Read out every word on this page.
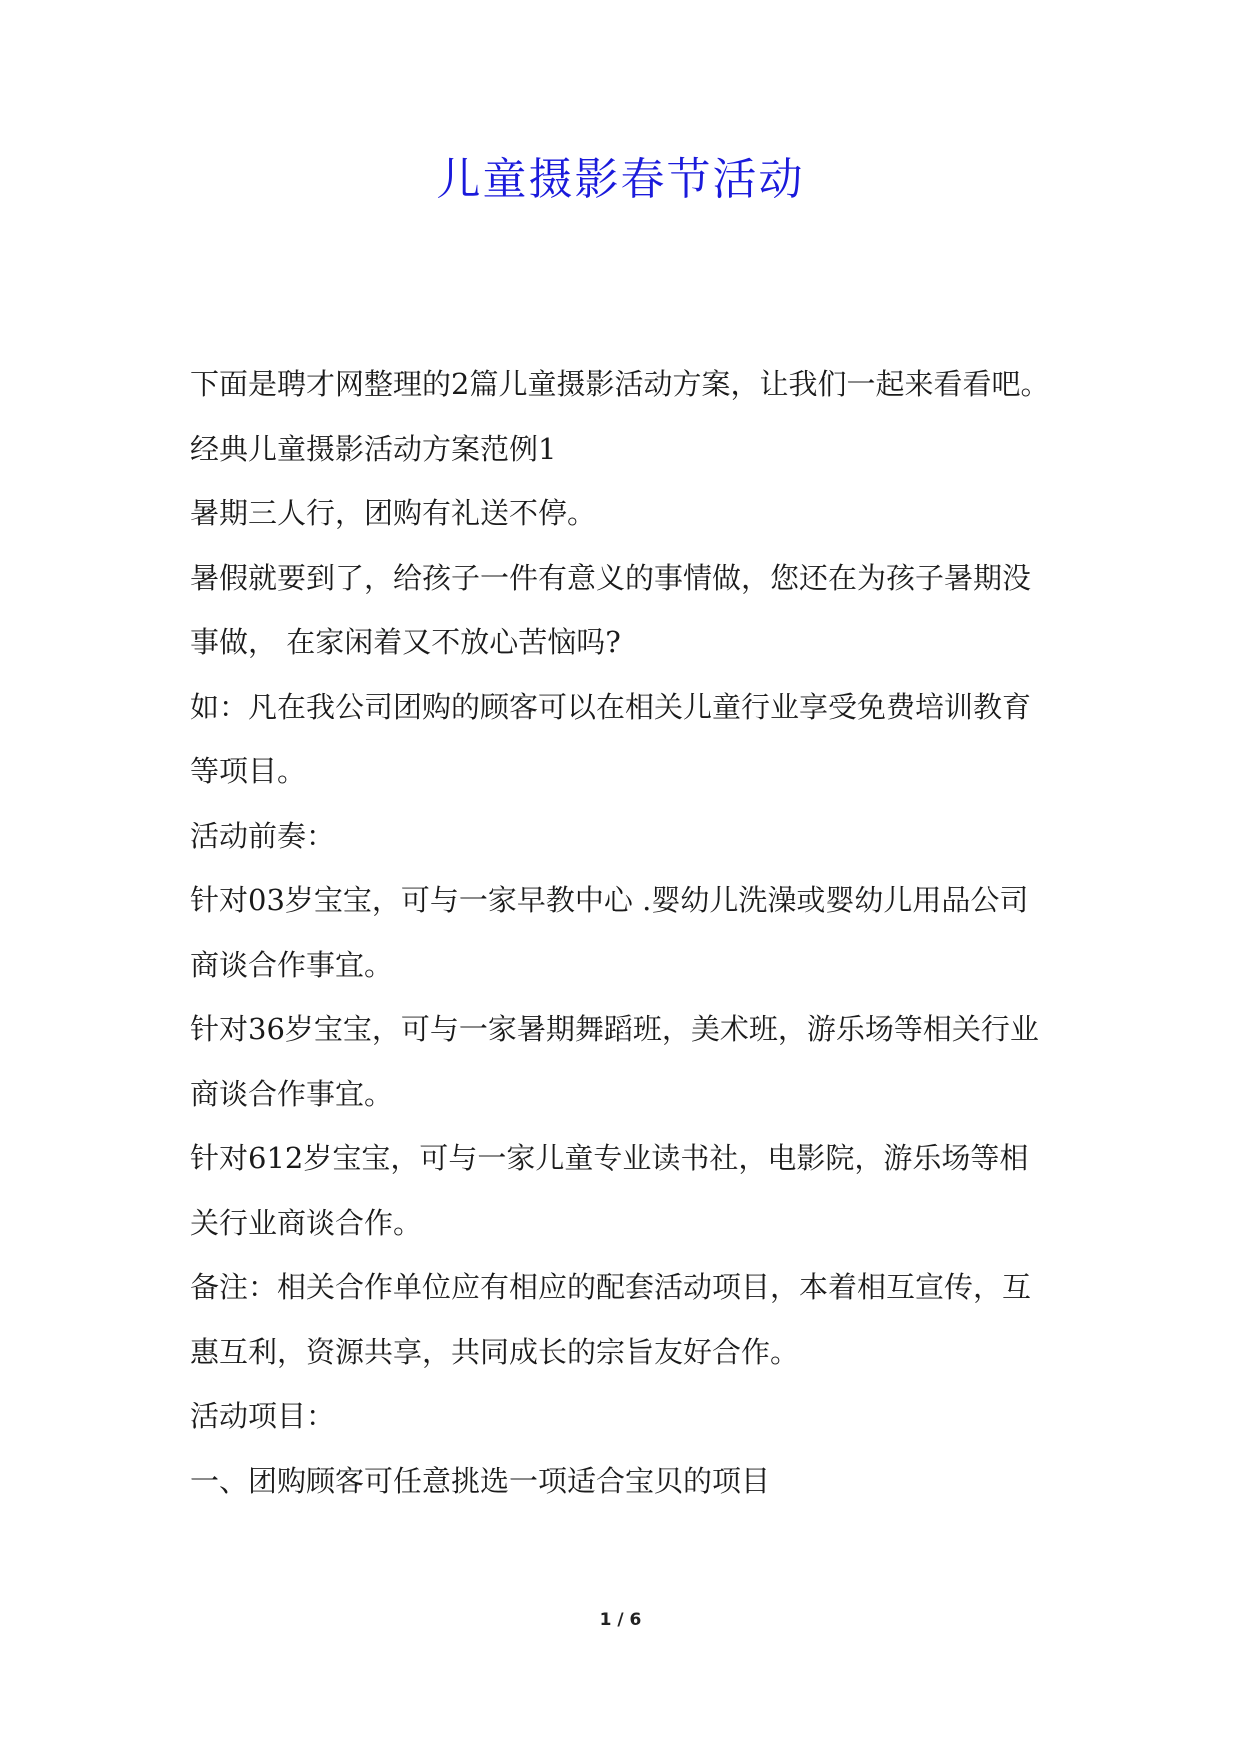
儿童摄影春节活动

下面是聘才网整理的2篇儿童摄影活动方案，让我们一起来看看吧。

经典儿童摄影活动方案范例1

暑期三人行，团购有礼送不停。

暑假就要到了，给孩子一件有意义的事情做，您还在为孩子暑期没事做， 在家闲着又不放心苦恼吗?

如：凡在我公司团购的顾客可以在相关儿童行业享受免费培训教育等项目。

活动前奏：

针对03岁宝宝，可与一家早教中心 .婴幼儿洗澡或婴幼儿用品公司商谈合作事宜。

针对36岁宝宝，可与一家暑期舞蹈班，美术班，游乐场等相关行业商谈合作事宜。

针对612岁宝宝，可与一家儿童专业读书社，电影院，游乐场等相关行业商谈合作。

备注：相关合作单位应有相应的配套活动项目，本着相互宣传，互惠互利，资源共享，共同成长的宗旨友好合作。

活动项目：

一、团购顾客可任意挑选一项适合宝贝的项目

1 / 6
